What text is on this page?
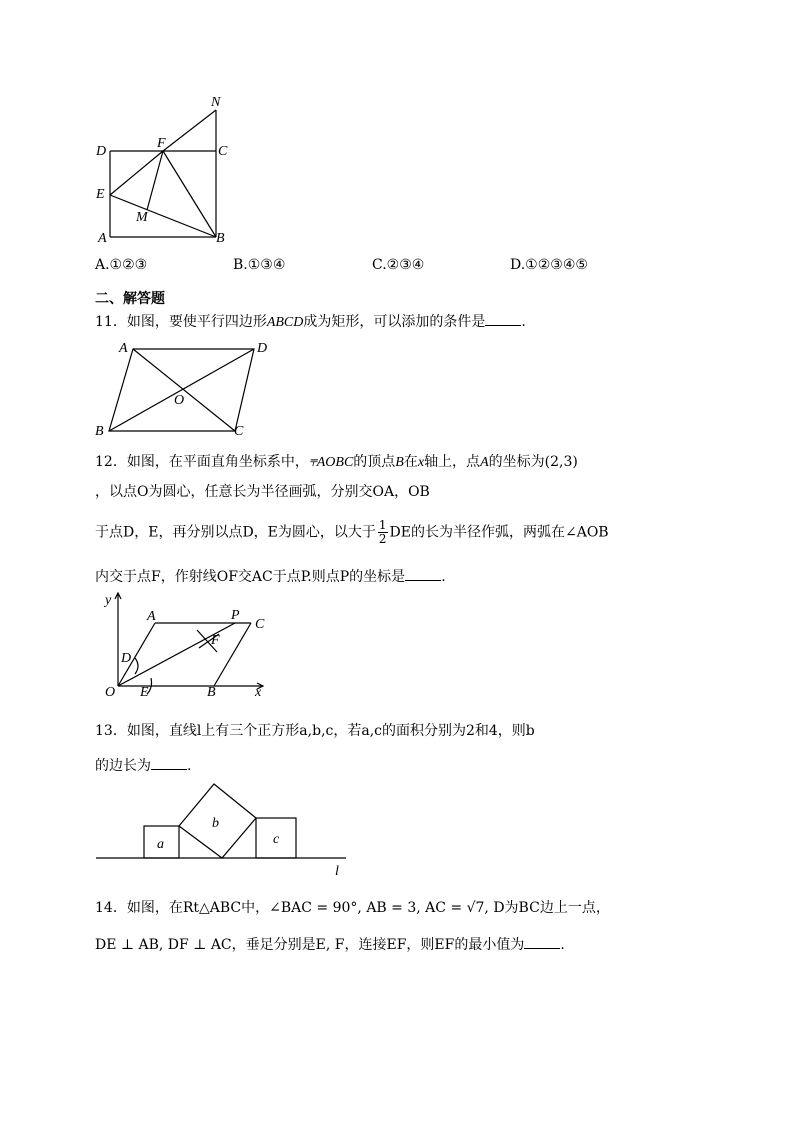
N
D
F
C
E
M
A	B
A.①②③	B.①③④	C.②③④	D.①②③④⑤
二、解答题
11．如图，要使平行四边形ABCD成为矩形，可以添加的条件是	.
A	D
O
B	C
12．如图，在平面直角坐标系中，⫧AOBC的顶点B在x轴上，点A的坐标为(2,3)
，以点O为圆心，任意长为半径画弧，分别交OA，OB
于点D，E，再分别以点D，E为圆心，以大于 $\frac{1}{2}$ DE的长为半径作弧，两弧在∠AOB
内交于点F，作射线OF交AC于点P.则点P的坐标是	.
y
A	P
C
F
D
O E	B	x
13．如图，直线l上有三个正方形a,b,c，若a,c的面积分别为2和4，则b
的边长为	.
a
b
c
l
14．如图，在Rt△ABC中，∠BAC = 90°, AB = 3, AC = √7, D为BC边上一点，
DE ⊥ AB, DF ⊥ AC，垂足分别是E, F，连接EF，则EF的最小值为	.
